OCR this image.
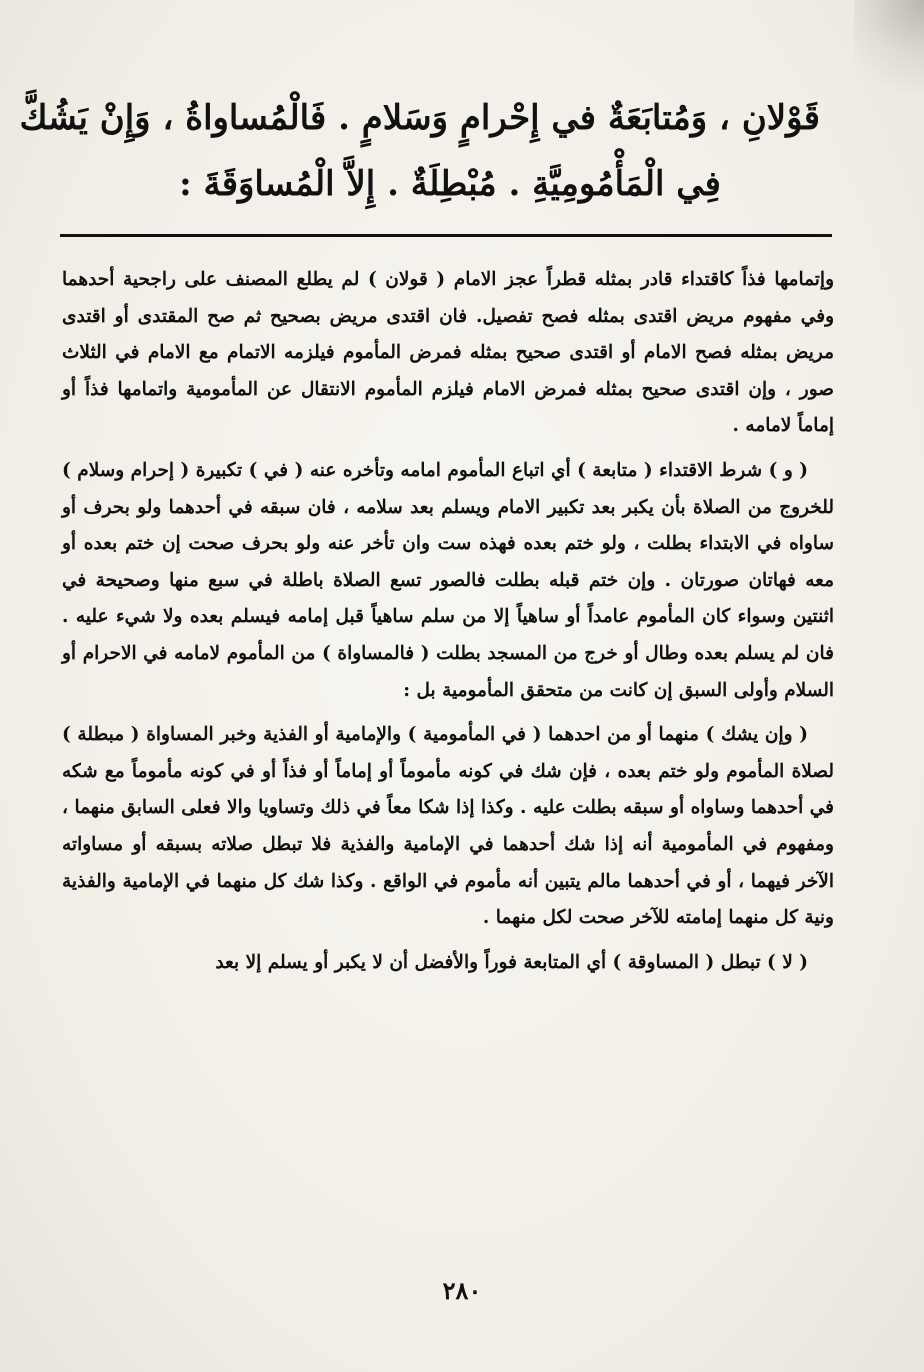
قَوْلانِ ، وَمُتابَعَةٌ في إِحْرامٍ وَسَلامٍ . فَالْمُساواةُ ، وَإِنْ يَشُكَّ
فِي الْمَأْمُومِيَّةِ . مُبْطِلَةٌ . إِلاَّ الْمُساوَقَةَ :

وإتمامها فذاً كاقتداء قادر بمثله قطراً عجز الامام ( قولان ) لم يطلع المصنف على راجحية أحدهما وفي مفهوم مريض اقتدى بمثله فصح تفصيل. فان اقتدى مريض بصحيح ثم صح المقتدى أو اقتدى مريض بمثله فصح الامام أو اقتدى صحيح بمثله فمرض المأموم فيلزمه الاتمام مع الامام في الثلاث صور ، وإن اقتدى صحيح بمثله فمرض الامام فيلزم المأموم الانتقال عن المأمومية واتمامها فذاً أو إماماً لامامه .

( و ) شرط الاقتداء ( متابعة ) أي اتباع المأموم امامه وتأخره عنه ( في ) تكبيرة ( إحرام وسلام ) للخروج من الصلاة بأن يكبر بعد تكبير الامام ويسلم بعد سلامه ، فان سبقه في أحدهما ولو بحرف أو ساواه في الابتداء بطلت ، ولو ختم بعده فهذه ست وان تأخر عنه ولو بحرف صحت إن ختم بعده أو معه فهاتان صورتان . وإن ختم قبله بطلت فالصور تسع الصلاة باطلة في سبع منها وصحيحة في اثنتين وسواء كان المأموم عامداً أو ساهياً إلا من سلم ساهياً قبل إمامه فيسلم بعده ولا شيء عليه . فان لم يسلم بعده وطال أو خرج من المسجد بطلت ( فالمساواة ) من المأموم لامامه في الاحرام أو السلام وأولى السبق إن كانت من متحقق المأمومية بل :

( وإن يشك ) منهما أو من احدهما ( في المأمومية ) والإمامية أو الفذية وخبر المساواة ( مبطلة ) لصلاة المأموم ولو ختم بعده ، فإن شك في كونه مأموماً أو إماماً أو فذاً أو في كونه مأموماً مع شكه في أحدهما وساواه أو سبقه بطلت عليه . وكذا إذا شكا معاً في ذلك وتساويا والا فعلى السابق منهما ، ومفهوم في المأمومية أنه إذا شك أحدهما في الإمامية والفذية فلا تبطل صلاته بسبقه أو مساواته الآخر فيهما ، أو في أحدهما مالم يتبين أنه مأموم في الواقع . وكذا شك كل منهما في الإمامية والفذية ونية كل منهما إمامته للآخر صحت لكل منهما .

( لا ) تبطل ( المساوقة ) أي المتابعة فوراً والأفضل أن لا يكبر أو يسلم إلا بعد

٢٨٠
